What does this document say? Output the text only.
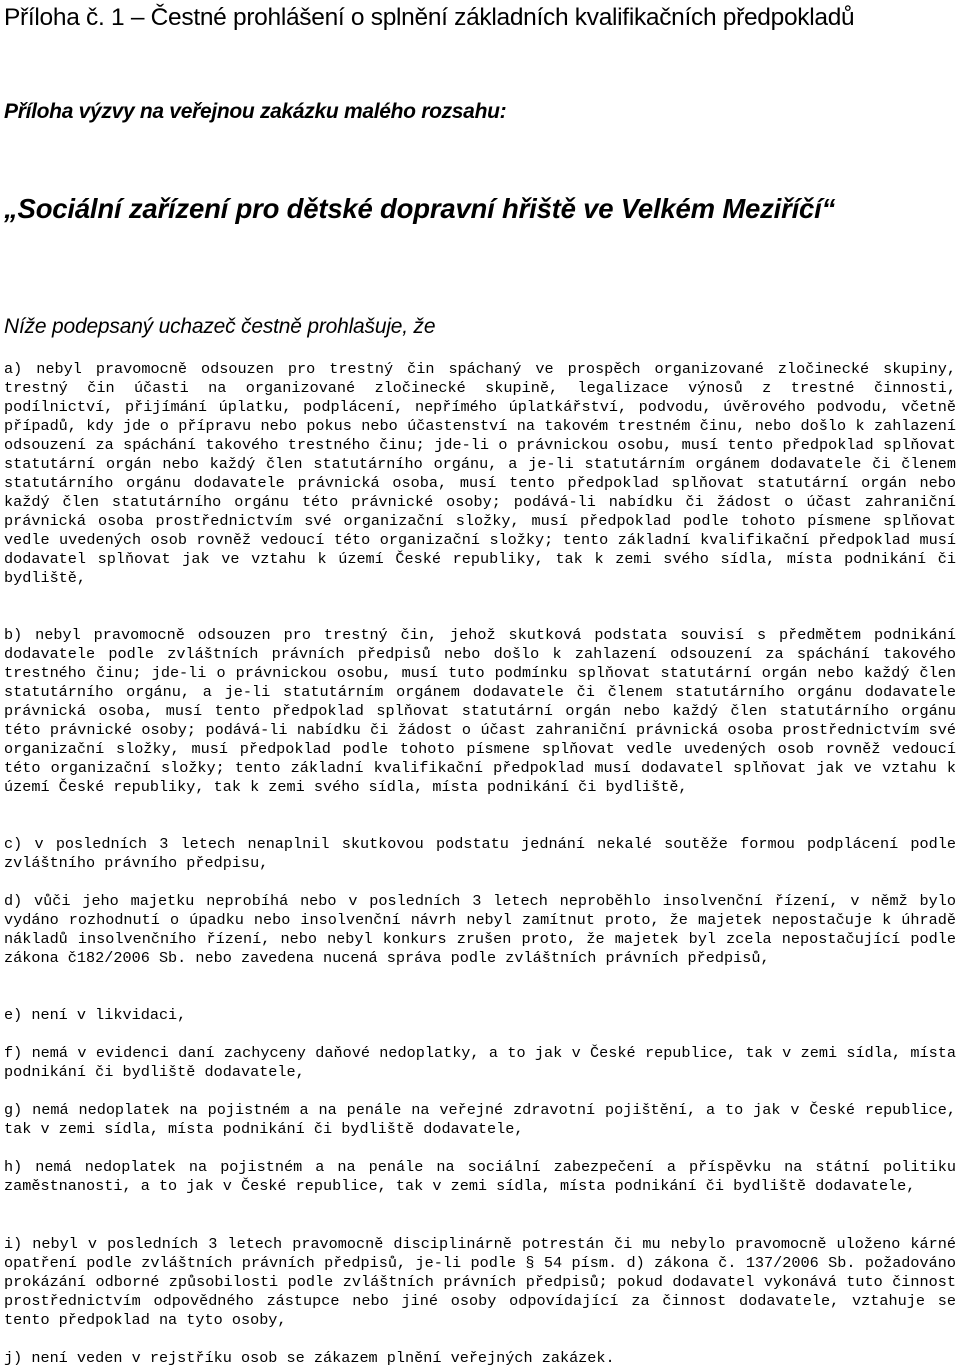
Příloha č. 1 – Čestné prohlášení o splnění základních kvalifikačních předpokladů
Příloha výzvy na veřejnou zakázku malého rozsahu:
„Sociální zařízení pro dětské dopravní hřiště ve Velkém Meziříčí“

Níže podepsaný uchazeč čestně prohlašuje, že

a) nebyl pravomocně odsouzen pro trestný čin spáchaný ve prospěch organizované zločinecké skupiny, trestný čin účasti na organizované zločinecké skupině, legalizace výnosů z trestné činnosti, podílnictví, přijímání úplatku, podplácení, nepřímého úplatkářství, podvodu, úvěrového podvodu, včetně případů, kdy jde o přípravu nebo pokus nebo účastenství na takovém trestném činu, nebo došlo k zahlazení odsouzení za spáchání takového trestného činu; jde-li o právnickou osobu, musí tento předpoklad splňovat statutární orgán nebo každý člen statutárního orgánu, a je-li statutárním orgánem dodavatele či členem statutárního orgánu dodavatele právnická osoba, musí tento předpoklad splňovat statutární orgán nebo každý člen statutárního orgánu této právnické osoby; podává-li nabídku či žádost o účast zahraniční právnická osoba prostřednictvím své organizační složky, musí předpoklad podle tohoto písmene splňovat vedle uvedených osob rovněž vedoucí této organizační složky; tento základní kvalifikační předpoklad musí dodavatel splňovat jak ve vztahu k území České republiky, tak k zemi svého sídla, místa podnikání či bydliště,

b) nebyl pravomocně odsouzen pro trestný čin, jehož skutková podstata souvisí s předmětem podnikání dodavatele podle zvláštních právních předpisů nebo došlo k zahlazení odsouzení za spáchání takového trestného činu; jde-li o právnickou osobu, musí tuto podmínku splňovat statutární orgán nebo každý člen statutárního orgánu, a je-li statutárním orgánem dodavatele či členem statutárního orgánu dodavatele právnická osoba, musí tento předpoklad splňovat statutární orgán nebo každý člen statutárního orgánu této právnické osoby; podává-li nabídku či žádost o účast zahraniční právnická osoba prostřednictvím své organizační složky, musí předpoklad podle tohoto písmene splňovat vedle uvedených osob rovněž vedoucí této organizační složky; tento základní kvalifikační předpoklad musí dodavatel splňovat jak ve vztahu k území České republiky, tak k zemi svého sídla, místa podnikání či bydliště,

c) v posledních 3 letech nenaplnil skutkovou podstatu jednání nekalé soutěže formou podplácení podle zvláštního právního předpisu,

d) vůči jeho majetku neprobíhá nebo v posledních 3 letech neproběhlo insolvenční řízení, v němž bylo vydáno rozhodnutí o úpadku nebo insolvenční návrh nebyl zamítnut proto, že majetek nepostačuje k úhradě nákladů insolvenčního řízení, nebo nebyl konkurs zrušen proto, že majetek byl zcela nepostačující podle zákona č182/2006 Sb. nebo zavedena nucená správa podle zvláštních právních předpisů,

e) není v likvidaci,

f) nemá v evidenci daní zachyceny daňové nedoplatky, a to jak v České republice, tak v zemi sídla, místa podnikání či bydliště dodavatele,

g) nemá nedoplatek na pojistném a na penále na veřejné zdravotní pojištění, a to jak v České republice, tak v zemi sídla, místa podnikání či bydliště dodavatele,

h) nemá nedoplatek na pojistném a na penále na sociální zabezpečení a příspěvku na státní politiku zaměstnanosti, a to jak v České republice, tak v zemi sídla, místa podnikání či bydliště dodavatele,

i) nebyl v posledních 3 letech pravomocně disciplinárně potrestán či mu nebylo pravomocně uloženo kárné opatření podle zvláštních právních předpisů, je-li podle § 54 písm. d) zákona č. 137/2006 Sb. požadováno prokázání odborné způsobilosti podle zvláštních právních předpisů; pokud dodavatel vykonává tuto činnost prostřednictvím odpovědného zástupce nebo jiné osoby odpovídající za činnost dodavatele, vztahuje se tento předpoklad na tyto osoby,

j) není veden v rejstříku osob se zákazem plnění veřejných zakázek.
